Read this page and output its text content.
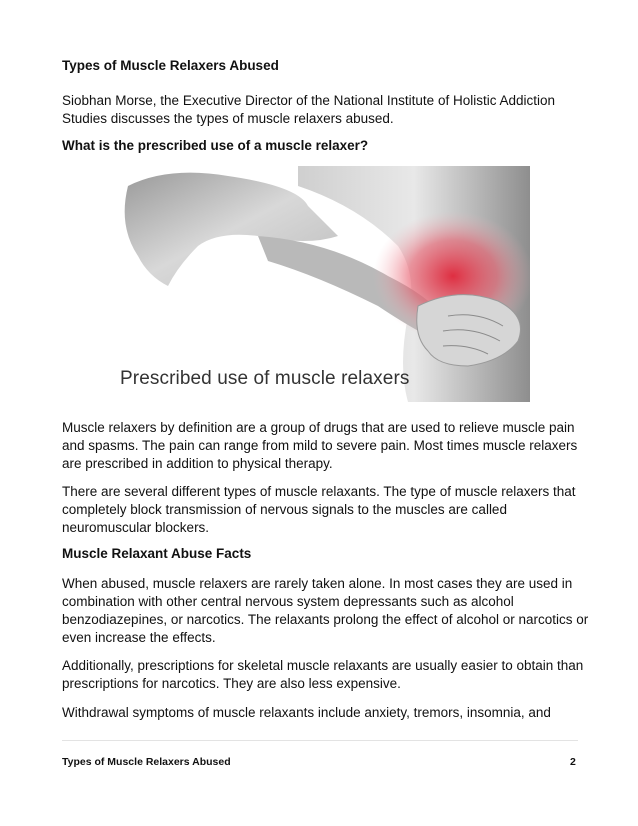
Types of Muscle Relaxers Abused

Siobhan Morse, the Executive Director of the National Institute of Holistic Addiction Studies discusses the types of muscle relaxers abused.

What is the prescribed use of a muscle relaxer?
Prescribed use of muscle relaxers

Muscle relaxers by definition are a group of drugs that are used to relieve muscle pain and spasms. The pain can range from mild to severe pain. Most times muscle relaxers are prescribed in addition to physical therapy.

There are several different types of muscle relaxants. The type of muscle relaxers that completely block transmission of nervous signals to the muscles are called neuromuscular blockers.

Muscle Relaxant Abuse Facts

When abused, muscle relaxers are rarely taken alone. In most cases they are used in combination with other central nervous system depressants such as alcohol benzodiazepines, or narcotics. The relaxants prolong the effect of alcohol or narcotics or even increase the effects.

Additionally, prescriptions for skeletal muscle relaxants are usually easier to obtain than prescriptions for narcotics. They are also less expensive.

Withdrawal symptoms of muscle relaxants include anxiety, tremors, insomnia, and

Types of Muscle Relaxers Abused	2
